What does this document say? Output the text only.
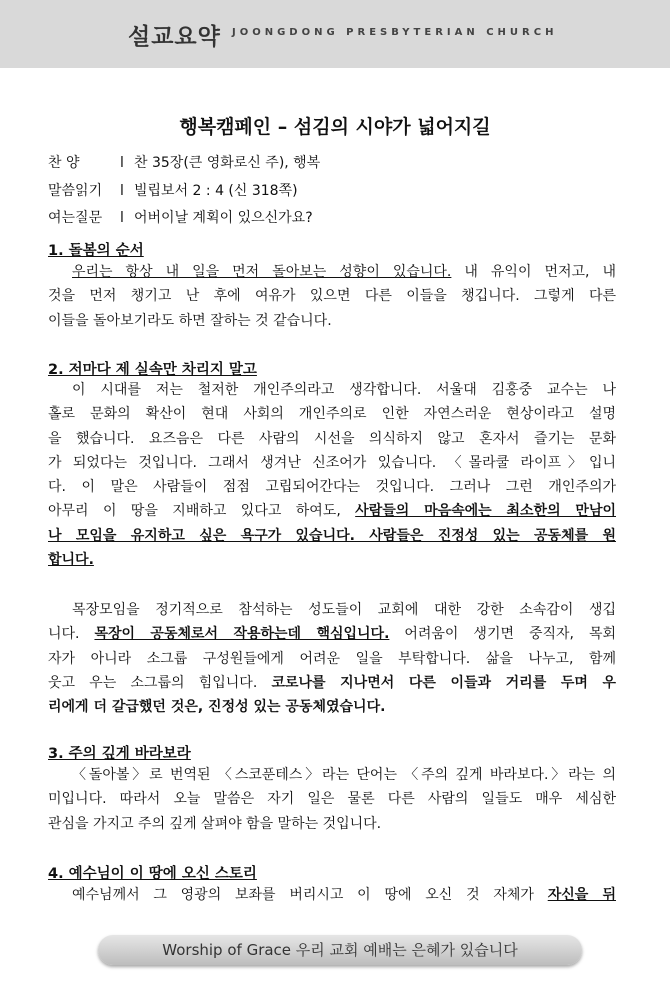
설교요약 JOONGDONG PRESBYTERIAN CHURCH
행복캠페인 – 섬김의 시야가 넓어지길
찬 양	l 찬 35장(큰 영화로신 주), 행복
말씀읽기 l 빌립보서 2 : 4 (신 318쪽)
여는질문 l 어버이날 계획이 있으신가요?
1. 돌봄의 순서
우리는 항상 내 일을 먼저 돌아보는 성향이 있습니다. 내 유익이 먼저고, 내
것을 먼저 챙기고 난 후에 여유가 있으면 다른 이들을 챙깁니다. 그렇게 다른
이들을 돌아보기라도 하면 잘하는 것 같습니다.
2. 저마다 제 실속만 차리지 말고
이 시대를 저는 철저한 개인주의라고 생각합니다. 서울대 김홍중 교수는 나
홀로 문화의 확산이 현대 사회의 개인주의로 인한 자연스러운 현상이라고 설명
을 했습니다. 요즈음은 다른 사람의 시선을 의식하지 않고 혼자서 즐기는 문화
가 되었다는 것입니다. 그래서 생겨난 신조어가 있습니다. 〈몰라쿨 라이프〉입니
다. 이 말은 사람들이 점점 고립되어간다는 것입니다. 그러나 그런 개인주의가
아무리 이 땅을 지배하고 있다고 하여도, 사람들의 마음속에는 최소한의 만남이
나 모임을 유지하고 싶은 욕구가 있습니다. 사람들은 진정성 있는 공동체를 원
합니다.
목장모임을 정기적으로 참석하는 성도들이 교회에 대한 강한 소속감이 생깁
니다. 목장이 공동체로서 작용하는데 핵심입니다. 어려움이 생기면 중직자, 목회
자가 아니라 소그룹 구성원들에게 어려운 일을 부탁합니다. 삶을 나누고, 함께
웃고 우는 소그룹의 힘입니다. 코로나를 지나면서 다른 이들과 거리를 두며 우
리에게 더 갈급했던 것은, 진정성 있는 공동체였습니다.
3. 주의 깊게 바라보라
〈돌아볼〉로 번역된 〈스코푼테스〉라는 단어는 〈주의 깊게 바라보다.〉라는 의
미입니다. 따라서 오늘 말씀은 자기 일은 물론 다른 사람의 일들도 매우 세심한
관심을 가지고 주의 깊게 살펴야 함을 말하는 것입니다.
4. 예수님이 이 땅에 오신 스토리
예수님께서 그 영광의 보좌를 버리시고 이 땅에 오신 것 자체가 자신을 뒤
Worship of Grace 우리 교회 예배는 은혜가 있습니다
